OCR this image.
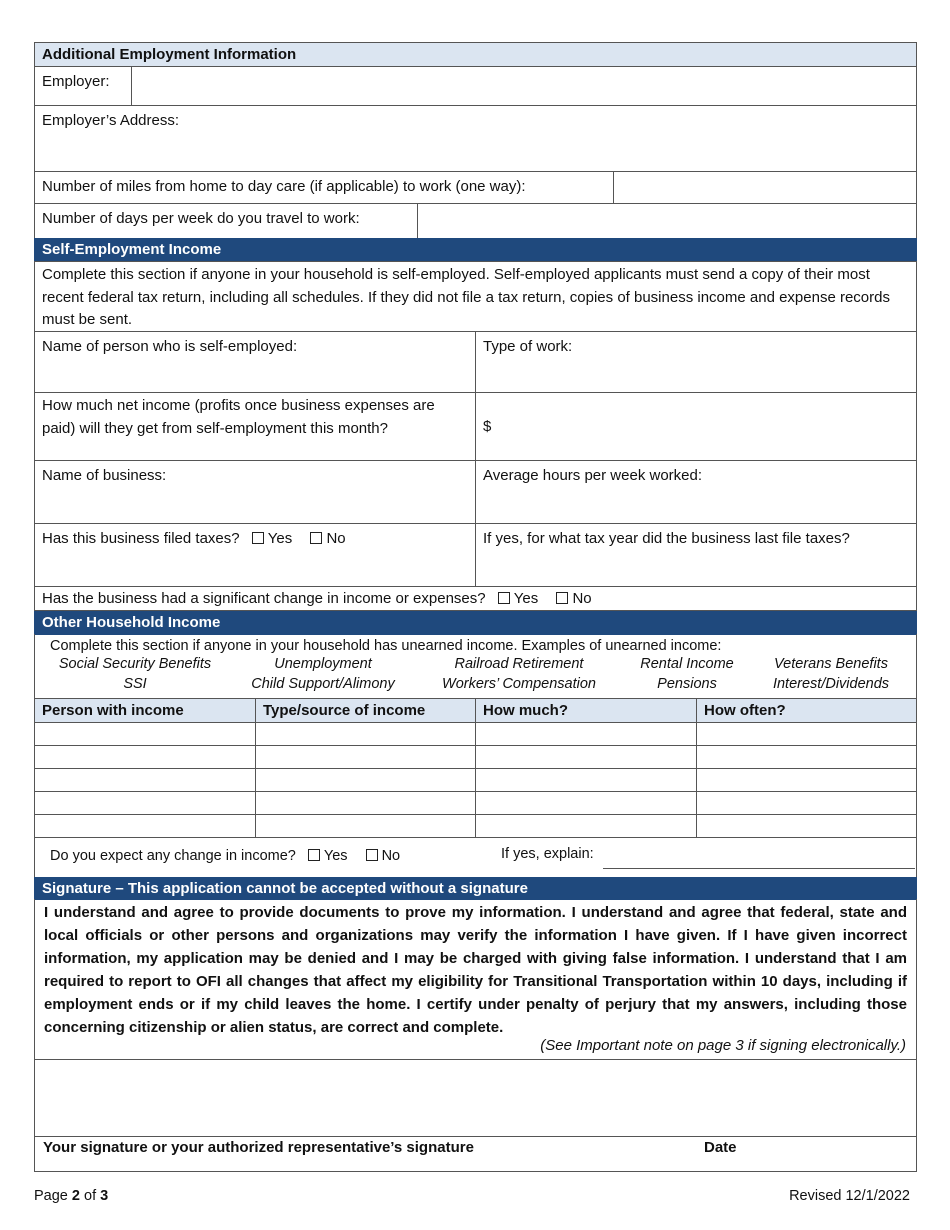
Additional Employment Information
Employer:
Employer’s Address:
Number of miles from home to day care (if applicable) to work (one way):
Number of days per week do you travel to work:
Self-Employment Income
Complete this section if anyone in your household is self-employed. Self-employed applicants must send a copy of their most recent federal tax return, including all schedules. If they did not file a tax return, copies of business income and expense records must be sent.
Name of person who is self-employed:	Type of work:
How much net income (profits once business expenses are paid) will they get from self-employment this month?	$
Name of business:	Average hours per week worked:
Has this business filed taxes? Yes No	If yes, for what tax year did the business last file taxes?
Has the business had a significant change in income or expenses? Yes No
Other Household Income
Complete this section if anyone in your household has unearned income. Examples of unearned income:
Social Security Benefits	Unemployment	Railroad Retirement	Rental Income	Veterans Benefits
SSI	Child Support/Alimony	Workers’ Compensation	Pensions	Interest/Dividends
Person with income	Type/source of income	How much?	How often?
Do you expect any change in income? Yes No	If yes, explain:
Signature – This application cannot be accepted without a signature
I understand and agree to provide documents to prove my information. I understand and agree that federal, state and local officials or other persons and organizations may verify the information I have given. If I have given incorrect information, my application may be denied and I may be charged with giving false information. I understand that I am required to report to OFI all changes that affect my eligibility for Transitional Transportation within 10 days, including if employment ends or if my child leaves the home. I certify under penalty of perjury that my answers, including those concerning citizenship or alien status, are correct and complete.
(See Important note on page 3 if signing electronically.)
Your signature or your authorized representative’s signature	Date
Page 2 of 3	Revised 12/1/2022
